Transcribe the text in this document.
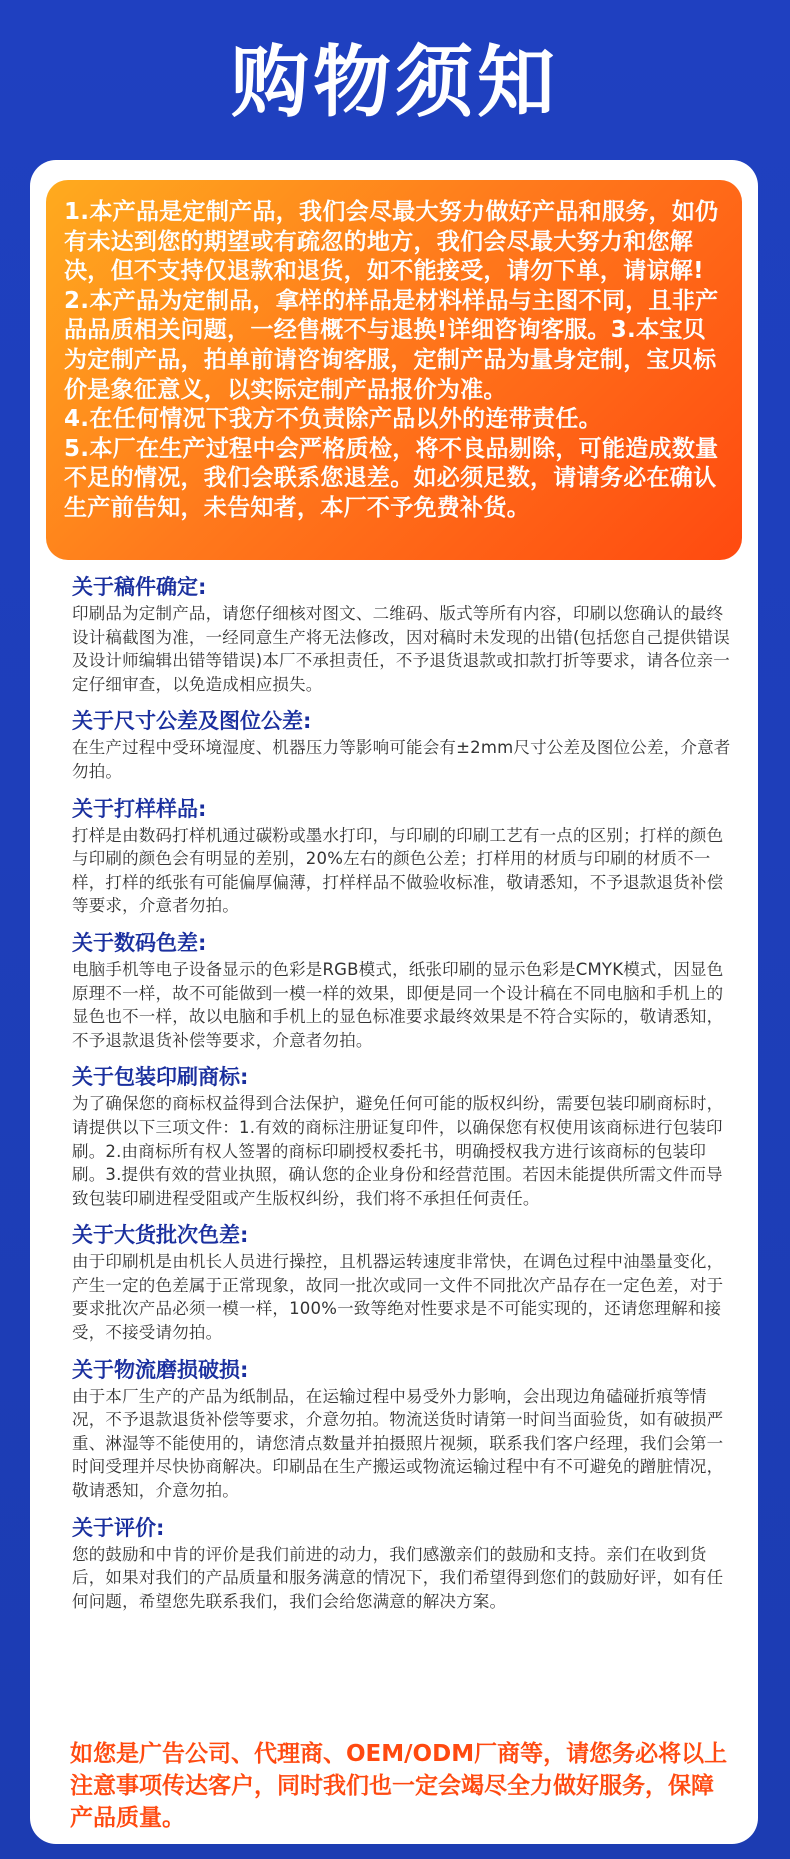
购物须知

1.本产品是定制产品，我们会尽最大努力做好产品和服务，如仍有未达到您的期望或有疏忽的地方，我们会尽最大努力和您解决，但不支持仅退款和退货，如不能接受，请勿下单，请谅解!

2.本产品为定制品，拿样的样品是材料样品与主图不同，且非产品品质相关问题，一经售概不与退换!详细咨询客服。3.本宝贝为定制产品，拍单前请咨询客服，定制产品为量身定制，宝贝标价是象征意义，以实际定制产品报价为准。

4.在任何情况下我方不负责除产品以外的连带责任。

5.本厂在生产过程中会严格质检，将不良品剔除，可能造成数量不足的情况，我们会联系您退差。如必须足数，请请务必在确认生产前告知，未告知者，本厂不予免费补货。

关于稿件确定:
印刷品为定制产品，请您仔细核对图文、二维码、版式等所有内容，印刷以您确认的最终设计稿截图为准，一经同意生产将无法修改，因对稿时未发现的出错(包括您自己提供错误及设计师编辑出错等错误)本厂不承担责任，不予退货退款或扣款打折等要求，请各位亲一定仔细审查，以免造成相应损失。
关于尺寸公差及图位公差:
在生产过程中受环境湿度、机器压力等影响可能会有±2mm尺寸公差及图位公差，介意者勿拍。
关于打样样品:
打样是由数码打样机通过碳粉或墨水打印，与印刷的印刷工艺有一点的区别；打样的颜色与印刷的颜色会有明显的差别，20%左右的颜色公差；打样用的材质与印刷的材质不一样，打样的纸张有可能偏厚偏薄，打样样品不做验收标准，敬请悉知，不予退款退货补偿等要求，介意者勿拍。
关于数码色差:
电脑手机等电子设备显示的色彩是RGB模式，纸张印刷的显示色彩是CMYK模式，因显色原理不一样，故不可能做到一模一样的效果，即便是同一个设计稿在不同电脑和手机上的显色也不一样，故以电脑和手机上的显色标准要求最终效果是不符合实际的，敬请悉知，不予退款退货补偿等要求，介意者勿拍。
关于包装印刷商标:
为了确保您的商标权益得到合法保护，避免任何可能的版权纠纷，需要包装印刷商标时，请提供以下三项文件：1.有效的商标注册证复印件，以确保您有权使用该商标进行包装印刷。2.由商标所有权人签署的商标印刷授权委托书，明确授权我方进行该商标的包装印刷。3.提供有效的营业执照，确认您的企业身份和经营范围。若因未能提供所需文件而导致包装印刷进程受阻或产生版权纠纷，我们将不承担任何责任。
关于大货批次色差:
由于印刷机是由机长人员进行操控，且机器运转速度非常快，在调色过程中油墨量变化，产生一定的色差属于正常现象，故同一批次或同一文件不同批次产品存在一定色差，对于要求批次产品必须一模一样，100%一致等绝对性要求是不可能实现的，还请您理解和接受，不接受请勿拍。
关于物流磨损破损:
由于本厂生产的产品为纸制品，在运输过程中易受外力影响，会出现边角磕碰折痕等情况，不予退款退货补偿等要求，介意勿拍。物流送货时请第一时间当面验货，如有破损严重、淋湿等不能使用的，请您清点数量并拍摄照片视频，联系我们客户经理，我们会第一时间受理并尽快协商解决。印刷品在生产搬运或物流运输过程中有不可避免的蹭脏情况，敬请悉知，介意勿拍。
关于评价:
您的鼓励和中肯的评价是我们前进的动力，我们感激亲们的鼓励和支持。亲们在收到货后，如果对我们的产品质量和服务满意的情况下，我们希望得到您们的鼓励好评，如有任何问题，希望您先联系我们，我们会给您满意的解决方案。
如您是广告公司、代理商、OEM/ODM厂商等，请您务必将以上注意事项传达客户，同时我们也一定会竭尽全力做好服务，保障产品质量。
